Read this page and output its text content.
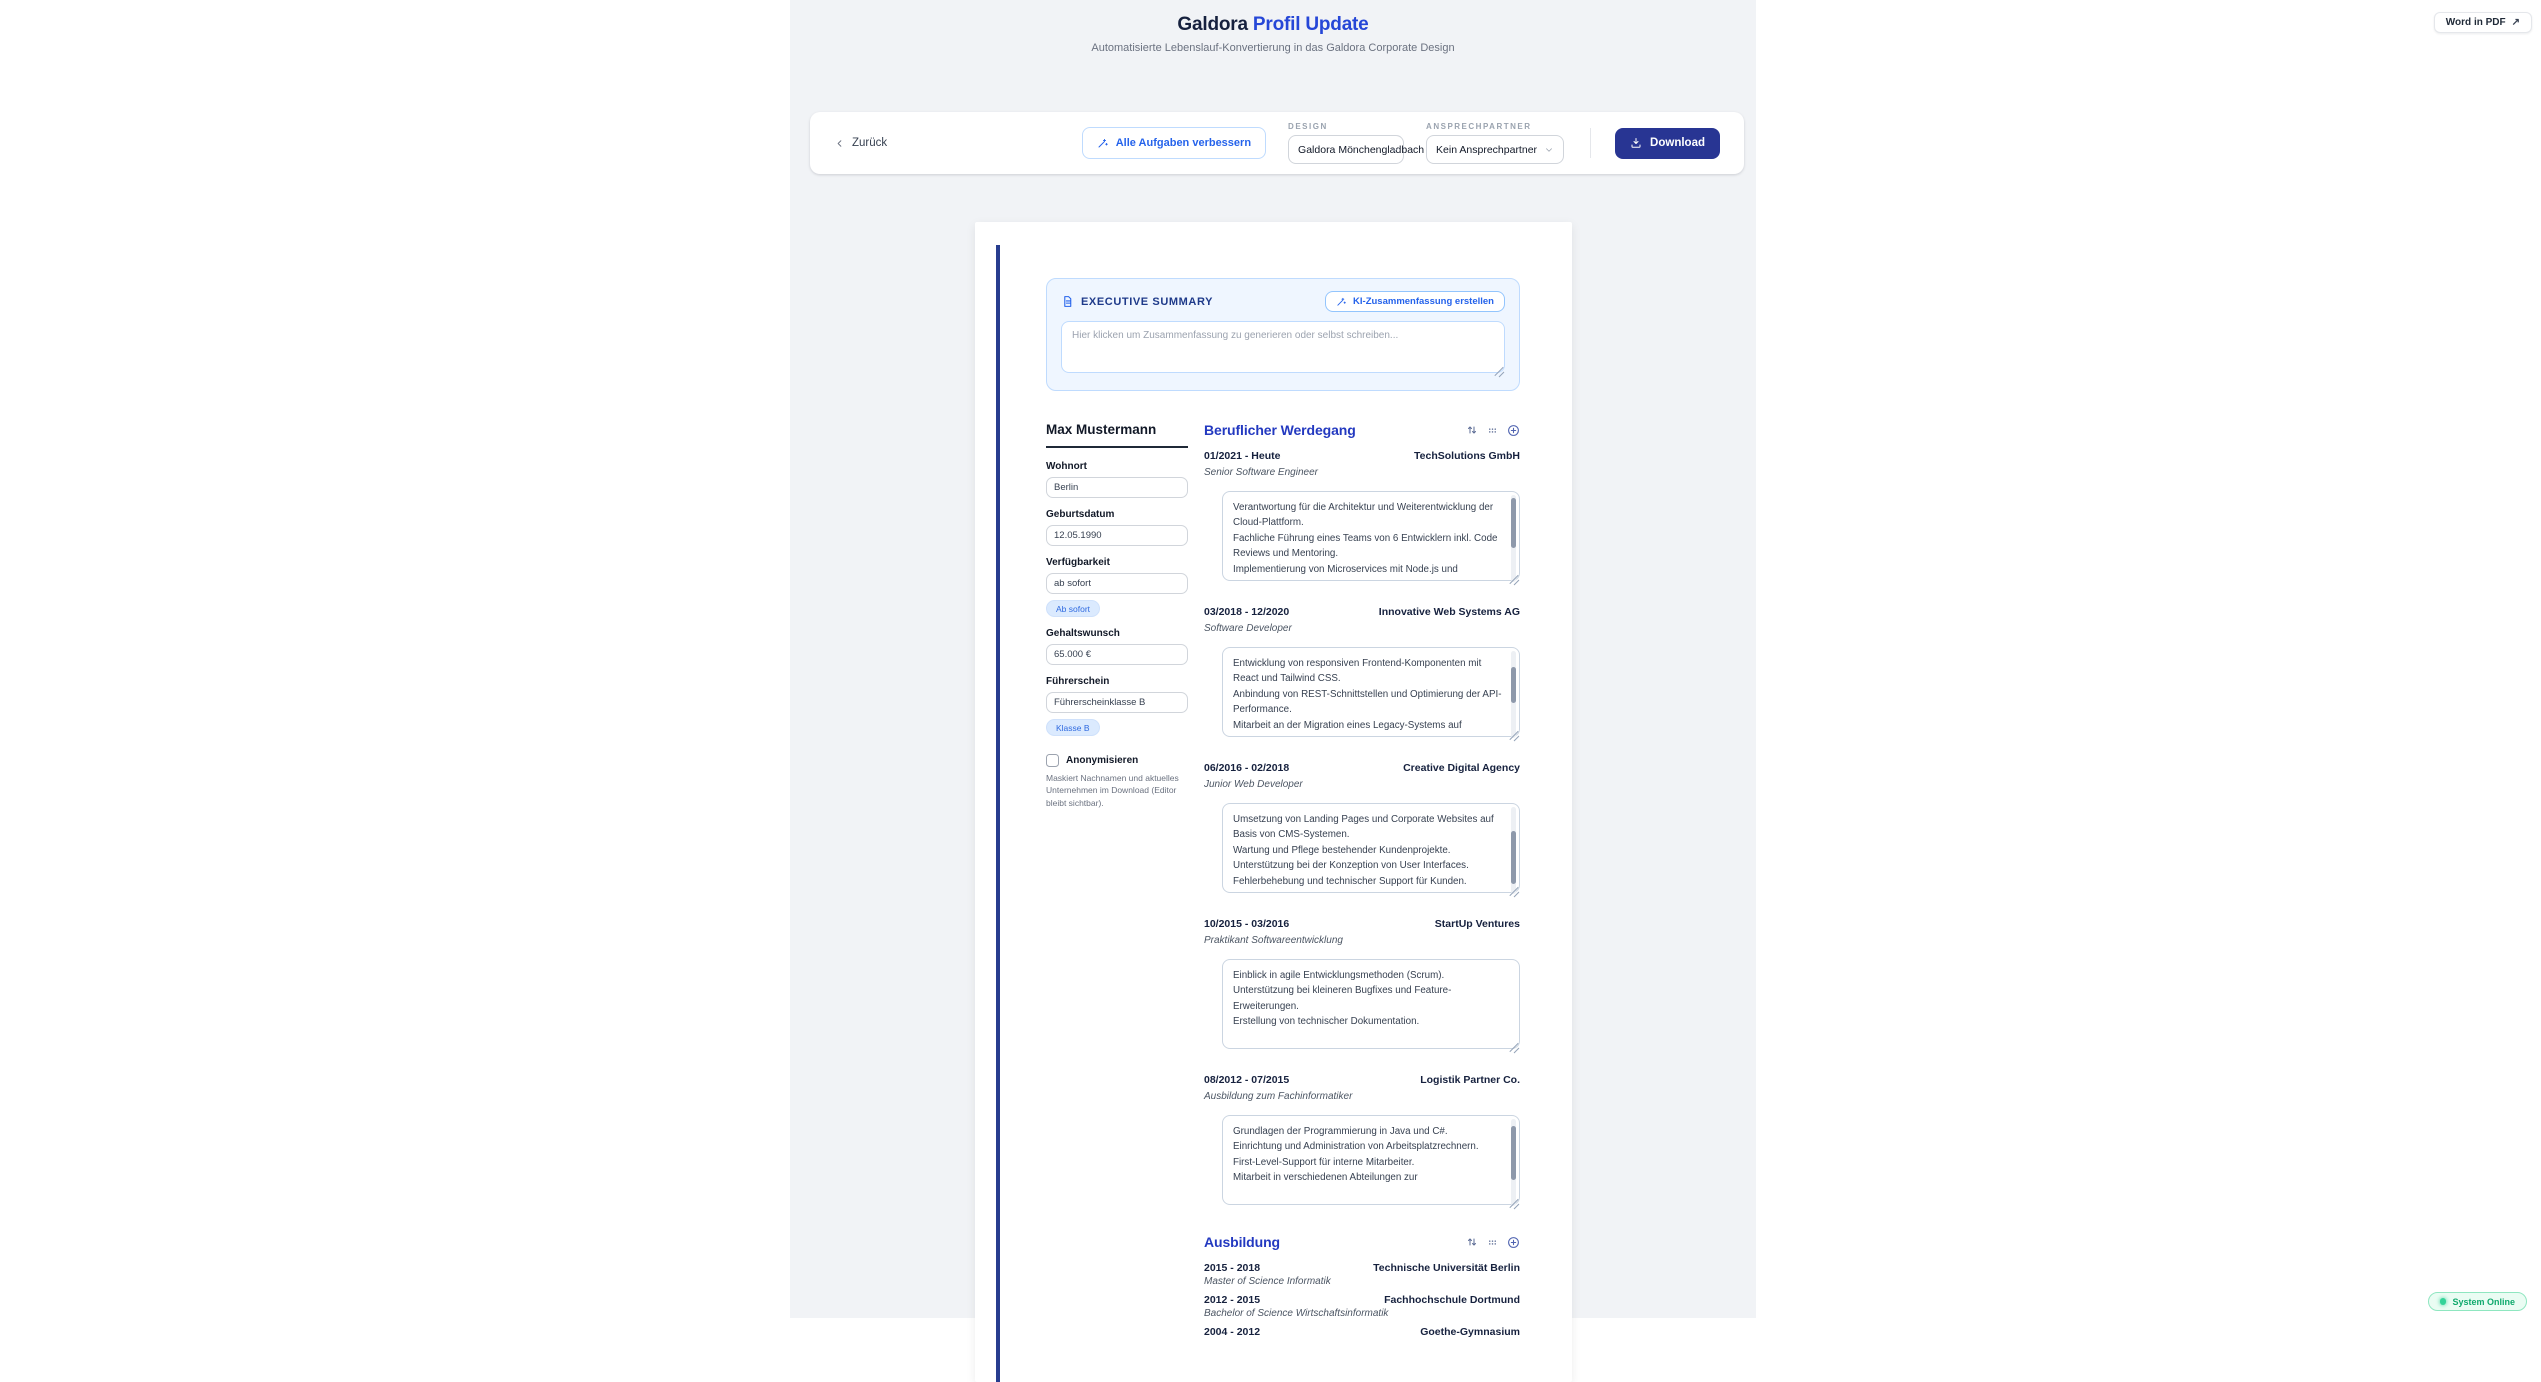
Galdora Profil Update
Automatisierte Lebenslauf-Konvertierung in das Galdora Corporate Design
Zurück	Alle Aufgaben verbessern
DESIGN
Galdora Mönchengladbach
ANSPRECHPARTNER
Kein Ansprechpartner
Download
EXECUTIVE SUMMARY	KI-Zusammenfassung erstellen
Hier klicken um Zusammenfassung zu generieren oder selbst schreiben...
Max Mustermann
Wohnort
Berlin
Geburtsdatum
12.05.1990
Verfügbarkeit
ab sofort Ab sofort
Gehaltswunsch
65.000 €
Führerschein
Führerscheinklasse B Klasse B
Anonymisieren
Maskiert Nachnamen und aktuelles Unternehmen im Download (Editor bleibt sichtbar).
Beruflicher Werdegang
01/2021 - Heute	TechSolutions GmbH
Senior Software Engineer
Verantwortung für die Architektur und Weiterentwicklung der Cloud-Plattform. Fachliche Führung eines Teams von 6 Entwicklern inkl. Code Reviews und Mentoring. Implementierung von Microservices mit Node.js und
03/2018 - 12/2020	Innovative Web Systems AG
Software Developer
Entwicklung von responsiven Frontend-Komponenten mit React und Tailwind CSS. Anbindung von REST-Schnittstellen und Optimierung der API-Performance. Mitarbeit an der Migration eines Legacy-Systems auf
06/2016 - 02/2018	Creative Digital Agency
Junior Web Developer
Umsetzung von Landing Pages und Corporate Websites auf Basis von CMS-Systemen. Wartung und Pflege bestehender Kundenprojekte. Unterstützung bei der Konzeption von User Interfaces. Fehlerbehebung und technischer Support für Kunden.
10/2015 - 03/2016	StartUp Ventures
Praktikant Softwareentwicklung
Einblick in agile Entwicklungsmethoden (Scrum). Unterstützung bei kleineren Bugfixes und Feature-Erweiterungen. Erstellung von technischer Dokumentation.
08/2012 - 07/2015	Logistik Partner Co.
Ausbildung zum Fachinformatiker
Grundlagen der Programmierung in Java und C#. Einrichtung und Administration von Arbeitsplatzrechnern. First-Level-Support für interne Mitarbeiter. Mitarbeit in verschiedenen Abteilungen zur
Ausbildung
2015 - 2018	Technische Universität Berlin
Master of Science Informatik
2012 - 2015	Fachhochschule Dortmund
Bachelor of Science Wirtschaftsinformatik
2004 - 2012	Goethe-Gymnasium
Word in PDF ↗
System Online
